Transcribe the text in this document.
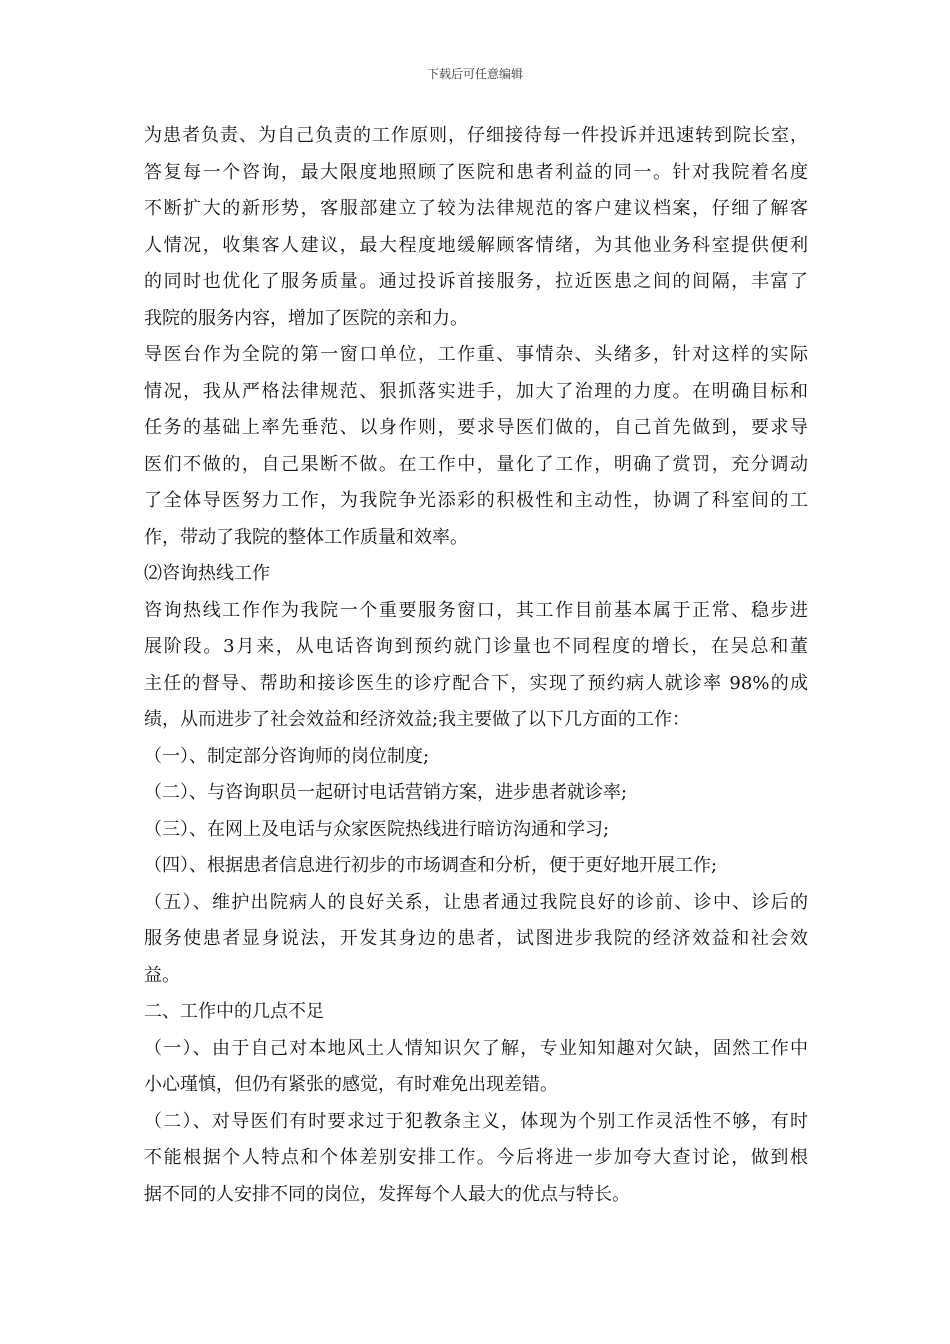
下载后可任意编辑
为患者负责、为自己负责的工作原则，仔细接待每一件投诉并迅速转到院长室，
答复每一个咨询，最大限度地照顾了医院和患者利益的同一。针对我院着名度
不断扩大的新形势，客服部建立了较为法律规范的客户建议档案，仔细了解客
人情况，收集客人建议，最大程度地缓解顾客情绪，为其他业务科室提供便利
的同时也优化了服务质量。通过投诉首接服务，拉近医患之间的间隔，丰富了
我院的服务内容，增加了医院的亲和力。
导医台作为全院的第一窗口单位，工作重、事情杂、头绪多，针对这样的实际
情况，我从严格法律规范、狠抓落实进手，加大了治理的力度。在明确目标和
任务的基础上率先垂范、以身作则，要求导医们做的，自己首先做到，要求导
医们不做的，自己果断不做。在工作中，量化了工作，明确了赏罚，充分调动
了全体导医努力工作，为我院争光添彩的积极性和主动性，协调了科室间的工
作，带动了我院的整体工作质量和效率。
⑵咨询热线工作
咨询热线工作作为我院一个重要服务窗口，其工作目前基本属于正常、稳步进
展阶段。3月来，从电话咨询到预约就门诊量也不同程度的增长，在吴总和董
主任的督导、帮助和接诊医生的诊疗配合下，实现了预约病人就诊率 98%的成
绩，从而进步了社会效益和经济效益;我主要做了以下几方面的工作：
（一）、制定部分咨询师的岗位制度;
（二）、与咨询职员一起研讨电话营销方案，进步患者就诊率;
（三）、在网上及电话与众家医院热线进行暗访沟通和学习;
（四）、根据患者信息进行初步的市场调查和分析，便于更好地开展工作;
（五）、维护出院病人的良好关系，让患者通过我院良好的诊前、诊中、诊后的
服务使患者显身说法，开发其身边的患者，试图进步我院的经济效益和社会效
益。
二、工作中的几点不足
（一）、由于自己对本地风土人情知识欠了解，专业知知趣对欠缺，固然工作中
小心瑾慎，但仍有紧张的感觉，有时难免出现差错。
（二）、对导医们有时要求过于犯教条主义，体现为个别工作灵活性不够，有时
不能根据个人特点和个体差别安排工作。今后将进一步加夸大查讨论，做到根
据不同的人安排不同的岗位，发挥每个人最大的优点与特长。
